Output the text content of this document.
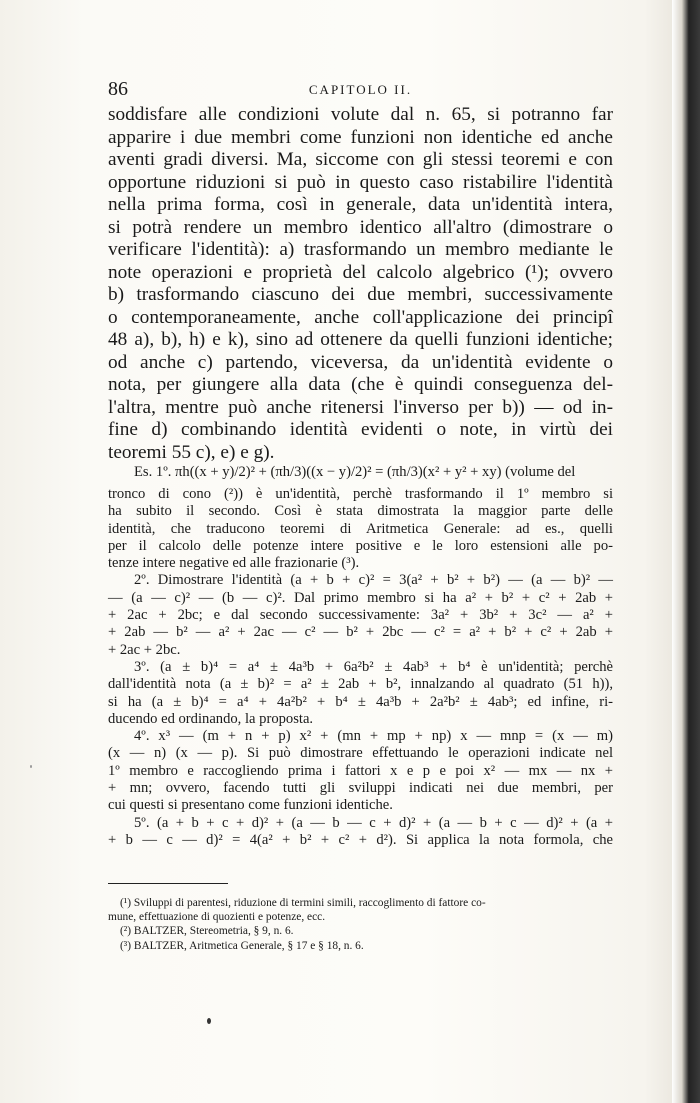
86	CAPITOLO II.
soddisfare alle condizioni volute dal n. 65, si potranno far
apparire i due membri come funzioni non identiche ed anche
aventi gradi diversi. Ma, siccome con gli stessi teoremi e con
opportune riduzioni si può in questo caso ristabilire l'identità
nella prima forma, così in generale, data un'identità intera,
si potrà rendere un membro identico all'altro (dimostrare o
verificare l'identità): a) trasformando un membro mediante le
note operazioni e proprietà del calcolo algebrico (¹); ovvero
b) trasformando ciascuno dei due membri, successivamente
o contemporaneamente, anche coll'applicazione dei principî
48 a), b), h) e k), sino ad ottenere da quelli funzioni identiche;
od anche c) partendo, viceversa, da un'identità evidente o
nota, per giungere alla data (che è quindi conseguenza del-
l'altra, mentre può anche ritenersi l'inverso per b)) — od in-
fine d) combinando identità evidenti o note, in virtù dei
teoremi 55 c), e) e g).
Es. 1º. πh((x + y)/2)² + (πh/3)((x − y)/2)² = (πh/3)(x² + y² + xy) (volume del
tronco di cono (²)) è un'identità, perchè trasformando il 1º membro si
ha subito il secondo. Così è stata dimostrata la maggior parte delle
identità, che traducono teoremi di Aritmetica Generale: ad es., quelli
per il calcolo delle potenze intere positive e le loro estensioni alle po-
tenze intere negative ed alle frazionarie (³).
2º. Dimostrare l'identità (a + b + c)² = 3(a² + b² + b²) — (a — b)² —
— (a — c)² — (b — c)². Dal primo membro si ha a² + b² + c² + 2ab +
+ 2ac + 2bc; e dal secondo successivamente: 3a² + 3b² + 3c² — a² +
+ 2ab — b² — a² + 2ac — c² — b² + 2bc — c² = a² + b² + c² + 2ab +
+ 2ac + 2bc.
3º. (a ± b)⁴ = a⁴ ± 4a³b + 6a²b² ± 4ab³ + b⁴ è un'identità; perchè
dall'identità nota (a ± b)² = a² ± 2ab + b², innalzando al quadrato (51 h)),
si ha (a ± b)⁴ = a⁴ + 4a²b² + b⁴ ± 4a³b + 2a²b² ± 4ab³; ed infine, ri-
ducendo ed ordinando, la proposta.
4º. x³ — (m + n + p) x² + (mn + mp + np) x — mnp = (x — m)
(x — n) (x — p). Si può dimostrare effettuando le operazioni indicate nel
1º membro e raccogliendo prima i fattori x e p e poi x² — mx — nx +
+ mn; ovvero, facendo tutti gli sviluppi indicati nei due membri, per
cui questi si presentano come funzioni identiche.
5º. (a + b + c + d)² + (a — b — c + d)² + (a — b + c — d)² + (a +
+ b — c — d)² = 4(a² + b² + c² + d²). Si applica la nota formola, che
(¹) Sviluppi di parentesi, riduzione di termini simili, raccoglimento di fattore co-
mune, effettuazione di quozienti e potenze, ecc.
(²) BALTZER, Stereometria, § 9, n. 6.
(³) BALTZER, Aritmetica Generale, § 17 e § 18, n. 6.
